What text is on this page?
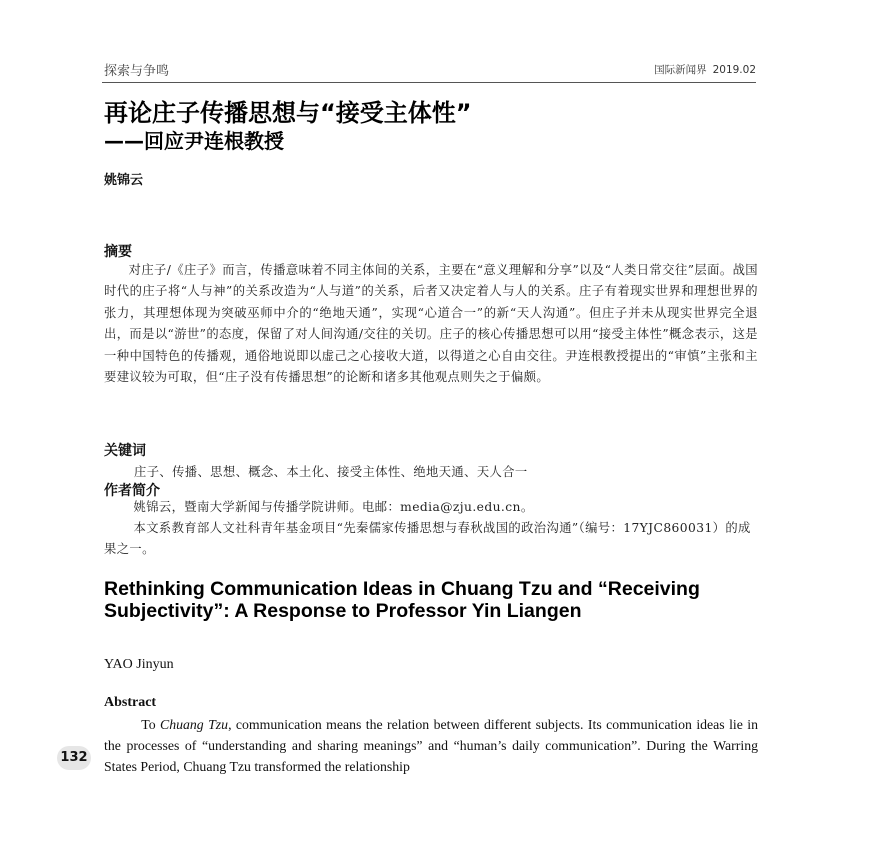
探索与争鸣	国际新闻界 2019.02
再论庄子传播思想与“接受主体性”
——回应尹连根教授
姚锦云
摘要

对庄子/《庄子》而言，传播意味着不同主体间的关系，主要在“意义理解和分享”以及“人类日常交往”层面。战国时代的庄子将“人与神”的关系改造为“人与道”的关系，后者又决定着人与人的关系。庄子有着现实世界和理想世界的张力，其理想体现为突破巫师中介的“绝地天通”，实现“心道合一”的新“天人沟通”。但庄子并未从现实世界完全退出，而是以“游世”的态度，保留了对人间沟通/交往的关切。庄子的核心传播思想可以用“接受主体性”概念表示，这是一种中国特色的传播观，通俗地说即以虚己之心接收大道，以得道之心自由交往。尹连根教授提出的“审慎”主张和主要建议较为可取，但“庄子没有传播思想”的论断和诸多其他观点则失之于偏颇。

关键词
庄子、传播、思想、概念、本土化、接受主体性、绝地天通、天人合一
作者简介

姚锦云，暨南大学新闻与传播学院讲师。电邮：media@zju.edu.cn。

本文系教育部人文社科青年基金项目“先秦儒家传播思想与春秋战国的政治沟通”（编号：17YJC860031）的成果之一。

Rethinking Communication Ideas in Chuang Tzu and “Receiving Subjectivity”: A Response to Professor Yin Liangen

YAO Jinyun
Abstract

To Chuang Tzu, communication means the relation between different subjects. Its communication ideas lie in the processes of “understanding and sharing meanings” and “human’s daily communication”. During the Warring States Period, Chuang Tzu transformed the relationship

132
